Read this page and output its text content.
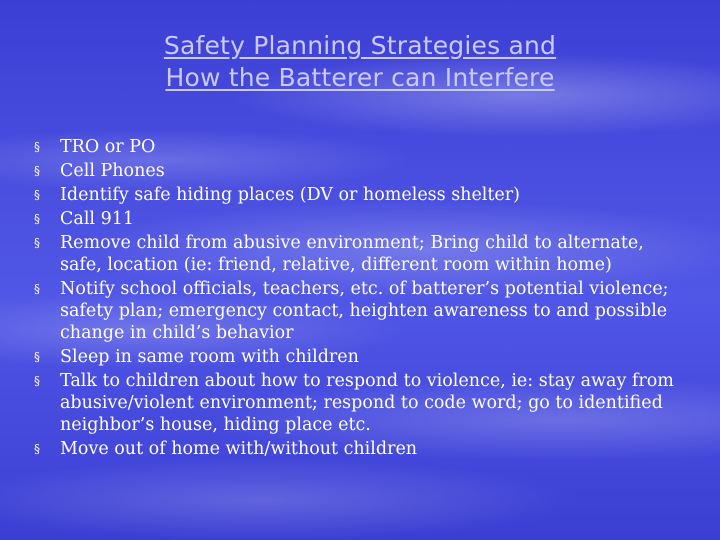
Safety Planning Strategies and
How the Batterer can Interfere
§	TRO or PO
§	Cell Phones
§	Identify safe hiding places (DV or homeless shelter)
§	Call 911
§	Remove child from abusive environment; Bring child to alternate, safe, location (ie: friend, relative, different room within home)
§	Notify school officials, teachers, etc. of batterer’s potential violence; safety plan; emergency contact, heighten awareness to and possible change in child’s behavior
§	Sleep in same room with children
§	Talk to children about how to respond to violence, ie: stay away from abusive/violent environment; respond to code word; go to identified neighbor’s house, hiding place etc.
§	Move out of home with/without children
